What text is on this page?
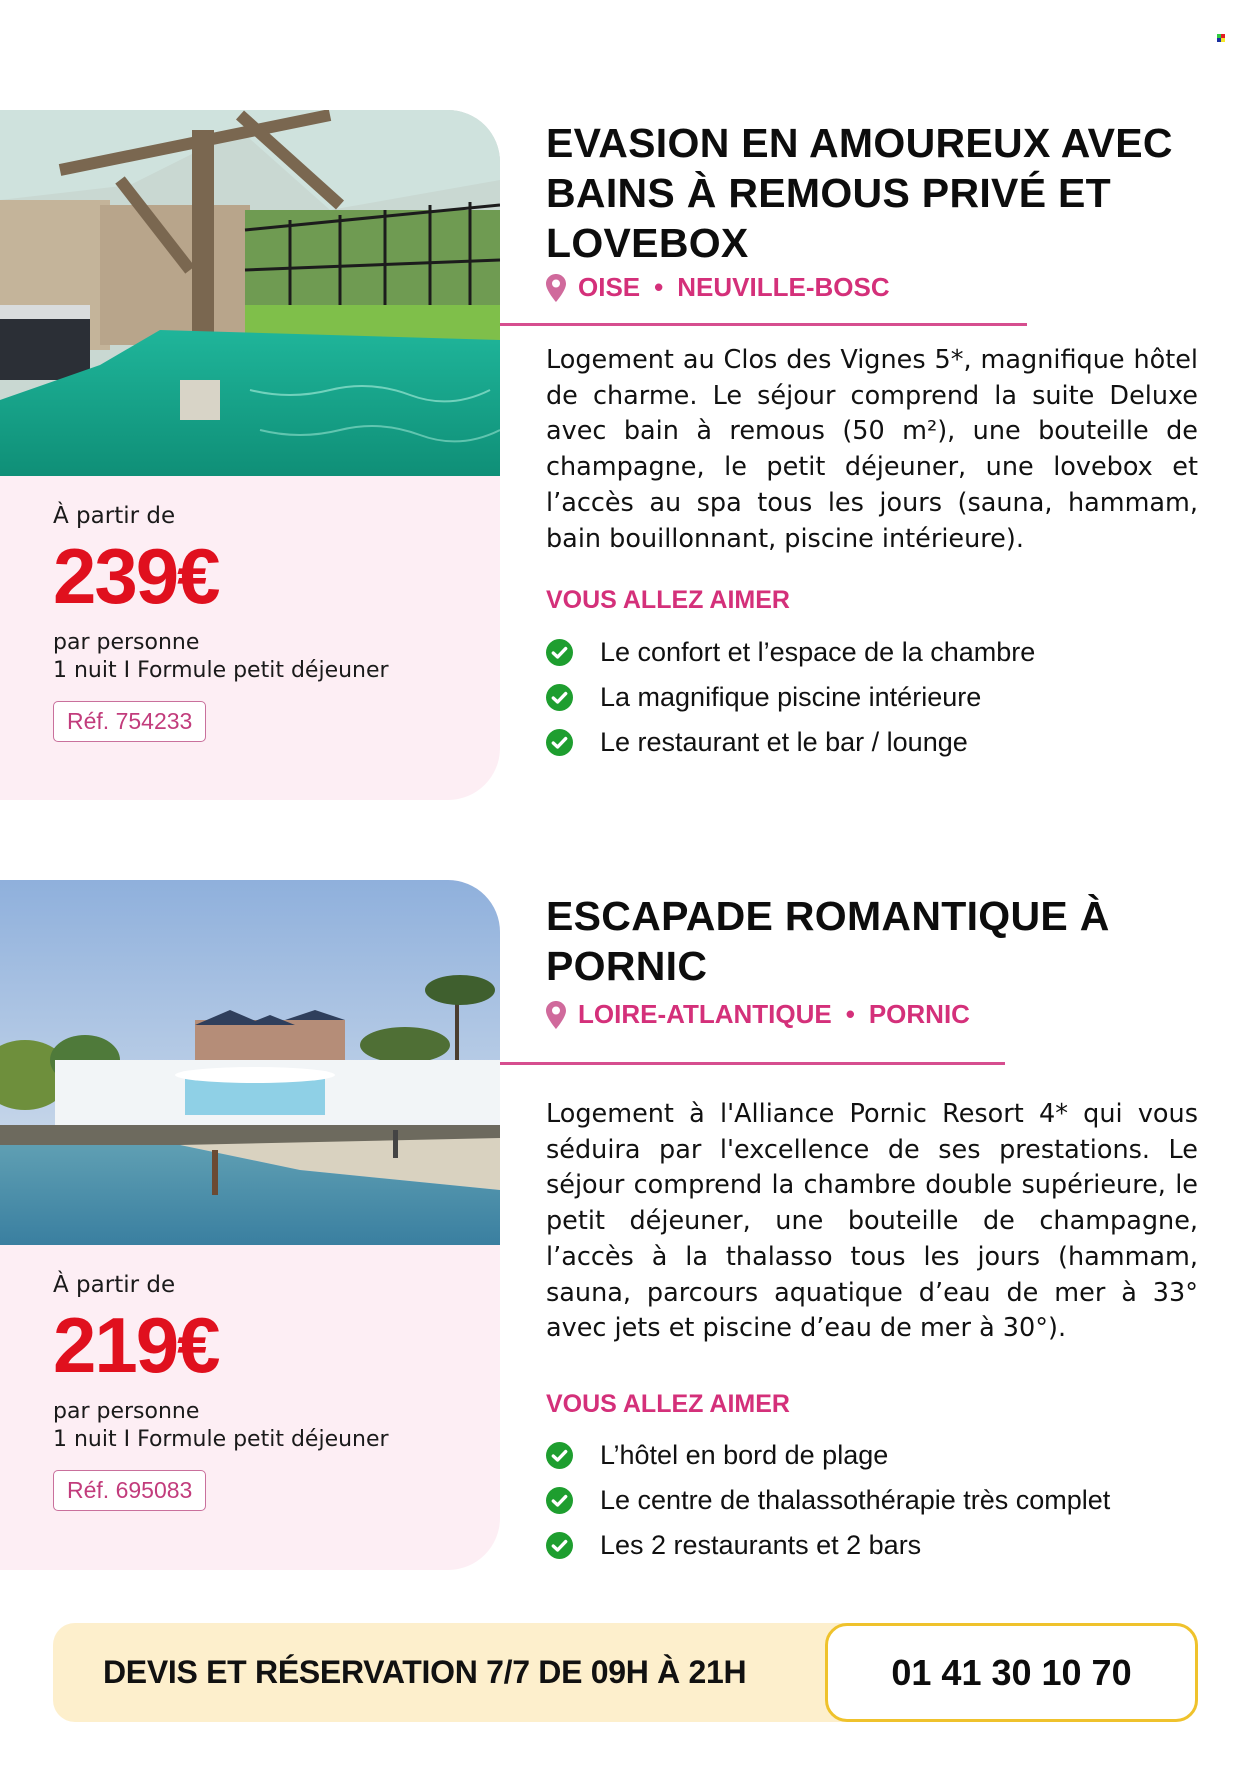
À partir de
239€
par personne
1 nuit I Formule petit déjeuner
Réf. 754233
EVASION EN AMOUREUX AVEC
BAINS À REMOUS PRIVÉ ET
LOVEBOX
OISE • NEUVILLE-BOSC
Logement au Clos des Vignes 5*, magnifique hôtel de charme. Le séjour comprend la suite Deluxe avec bain à remous (50 m²), une bouteille de champagne, le petit déjeuner, une lovebox et l’accès au spa tous les jours (sauna, hammam, bain bouillonnant, piscine intérieure).
VOUS ALLEZ AIMER
Le confort et l’espace de la chambre
La magnifique piscine intérieure
Le restaurant et le bar / lounge
À partir de
219€
par personne
1 nuit I Formule petit déjeuner
Réf. 695083
ESCAPADE ROMANTIQUE À
PORNIC
LOIRE-ATLANTIQUE • PORNIC
Logement à l'Alliance Pornic Resort 4* qui vous séduira par l'excellence de ses prestations. Le séjour comprend la chambre double supérieure, le petit déjeuner, une bouteille de champagne, l’accès à la thalasso tous les jours (hammam, sauna, parcours aquatique d’eau de mer à 33° avec jets et piscine d’eau de mer à 30°).
VOUS ALLEZ AIMER
L’hôtel en bord de plage
Le centre de thalassothérapie très complet
Les 2 restaurants et 2 bars
DEVIS ET RÉSERVATION 7/7 DE 09H À 21H	01 41 30 10 70
